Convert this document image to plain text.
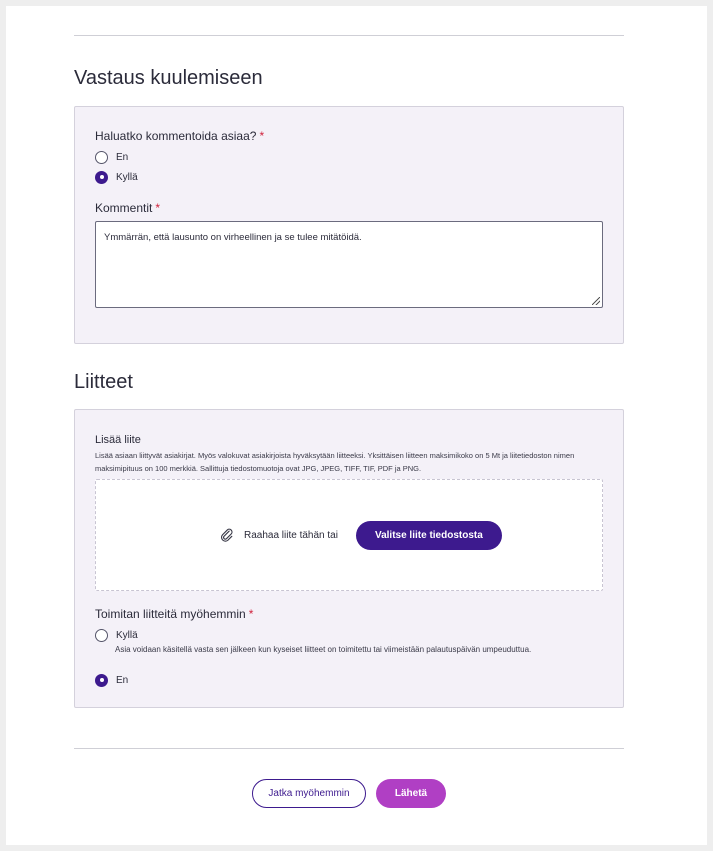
Vastaus kuulemiseen
Haluatko kommentoida asiaa? *
En
Kyllä
Kommentit *
Ymmärrän, että lausunto on virheellinen ja se tulee mitätöidä.
Liitteet
Lisää liite
Lisää asiaan liittyvät asiakirjat. Myös valokuvat asiakirjoista hyväksytään liitteeksi. Yksittäisen liitteen maksimikoko on 5 Mt ja liitetiedoston nimen maksimipituus on 100 merkkiä. Sallittuja tiedostomuotoja ovat JPG, JPEG, TIFF, TIF, PDF ja PNG.
Raahaa liite tähän tai	Valitse liite tiedostosta
Toimitan liitteitä myöhemmin *
Kyllä
Asia voidaan käsitellä vasta sen jälkeen kun kyseiset liitteet on toimitettu tai viimeistään palautuspäivän umpeuduttua.
En
Jatka myöhemmin	Lähetä
